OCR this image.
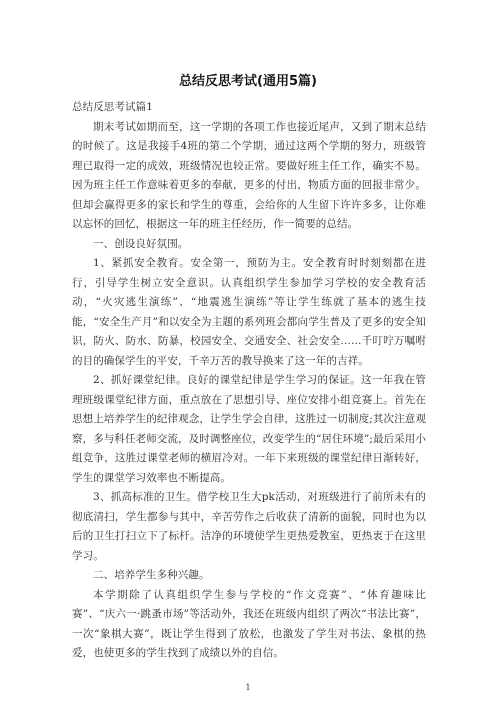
总结反思考试(通用5篇)

总结反思考试篇1

期末考试如期而至，这一学期的各项工作也接近尾声，又到了期末总结的时候了。这是我接手4班的第二个学期，通过这两个学期的努力，班级管理已取得一定的成效，班级情况也较正常。要做好班主任工作，确实不易。因为班主任工作意味着更多的奉献，更多的付出，物质方面的回报非常少。但却会赢得更多的家长和学生的尊重，会给你的人生留下许许多多，让你难以忘怀的回忆，根据这一年的班主任经历，作一简要的总结。

一、创设良好氛围。

1、紧抓安全教育。安全第一，预防为主。安全教育时时刻刻都在进行，引导学生树立安全意识。认真组织学生参加学习学校的安全教育活动，“火灾逃生演练”、“地震逃生演练”等让学生练就了基本的逃生技能，“安全生产月”和以安全为主题的系列班会都向学生普及了更多的安全知识，防火、防水、防暴，校园安全、交通安全、社会安全……千叮咛万嘱咐的目的确保学生的平安，千辛万苦的教导换来了这一年的吉祥。

2、抓好课堂纪律。良好的课堂纪律是学生学习的保证。这一年我在管理班级课堂纪律方面，重点放在了思想引导、座位安排小组竞赛上。首先在思想上培养学生的纪律观念，让学生学会自律，这胜过一切制度;其次注意观察，多与科任老师交流，及时调整座位，改变学生的“居住环境”;最后采用小组竞争，这胜过课堂老师的横眉冷对。一年下来班级的课堂纪律日渐转好，学生的课堂学习效率也不断提高。

3、抓高标准的卫生。借学校卫生大pk活动，对班级进行了前所未有的彻底清扫，学生都参与其中，辛苦劳作之后收获了清新的面貌，同时也为以后的卫生打扫立下了标杆。洁净的环境使学生更热爱教室，更热衷于在这里学习。

二、培养学生多种兴趣。

本学期除了认真组织学生参与学校的“作文竞赛”、“体育趣味比赛”、“庆六一·跳蚤市场”等活动外，我还在班级内组织了两次“书法比赛”，一次“象棋大赛”，既让学生得到了放松，也激发了学生对书法、象棋的热爱，也使更多的学生找到了成绩以外的自信。

1
